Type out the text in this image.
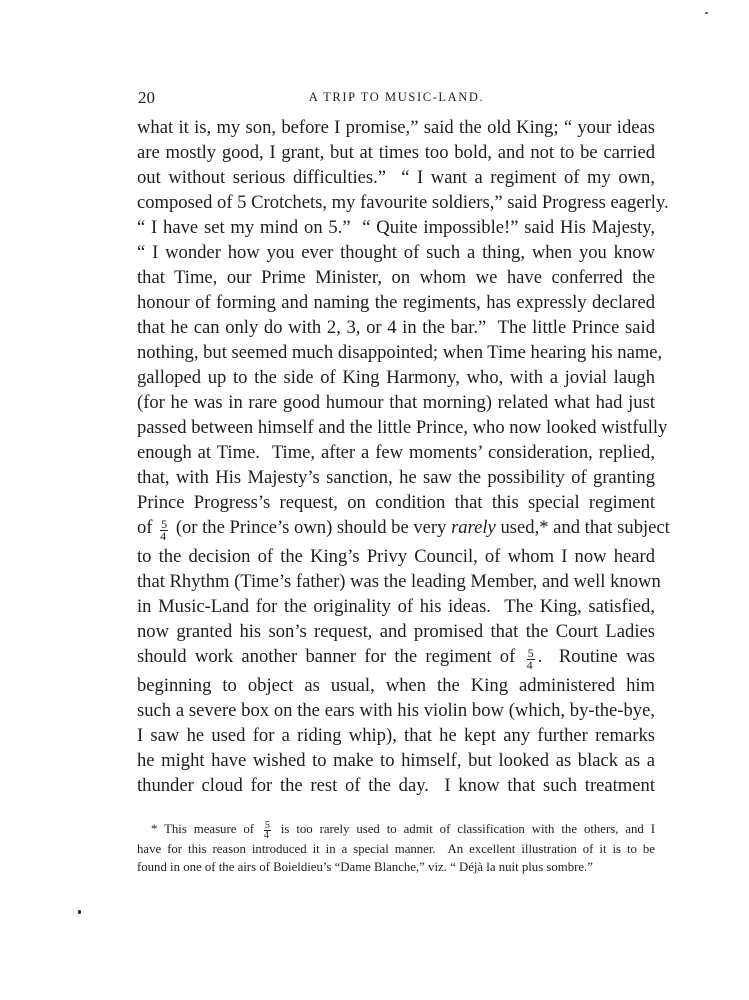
20	A TRIP TO MUSIC-LAND.
what it is, my son, before I promise,” said the old King; “ your ideas
are mostly good, I grant, but at times too bold, and not to be carried
out without serious difficulties.”  “ I want a regiment of my own,
composed of 5 Crotchets, my favourite soldiers,” said Progress eagerly.
“ I have set my mind on 5.”  “ Quite impossible!” said His Majesty,
“ I wonder how you ever thought of such a thing, when you know
that Time, our Prime Minister, on whom we have conferred the
honour of forming and naming the regiments, has expressly declared
that he can only do with 2, 3, or 4 in the bar.”  The little Prince said
nothing, but seemed much disappointed; when Time hearing his name,
galloped up to the side of King Harmony, who, with a jovial laugh
(for he was in rare good humour that morning) related what had just
passed between himself and the little Prince, who now looked wistfully
enough at Time.  Time, after a few moments’ consideration, replied,
that, with His Majesty’s sanction, he saw the possibility of granting
Prince Progress’s request, on condition that this special regiment
of $\frac{5}{4} (or$ the Prince’s own) should be very rarely used,* and that subject
to the decision of the King’s Privy Council, of whom I now heard
that Rhythm (Time’s father) was the leading Member, and well known
in Music-Land for the originality of his ideas.  The King, satisfied,
now granted his son’s request, and promised that the Court Ladies
should work another banner for the regiment of $\frac{5}{4}$ .  Routine was
beginning to object as usual, when the King administered him
such a severe box on the ears with his violin bow (which, by-the-bye,
I saw he used for a riding whip), that he kept any further remarks
he might have wished to make to himself, but looked as black as a
thunder cloud for the rest of the day.  I know that such treatment
* This measure of $\frac{5}{4}$ is too rarely used to admit of classification with the others, and I
have for this reason introduced it in a special manner.  An excellent illustration of it is to be
found in one of the airs of Boieldieu’s “Dame Blanche,” viz. “ Déjà la nuit plus sombre.”
